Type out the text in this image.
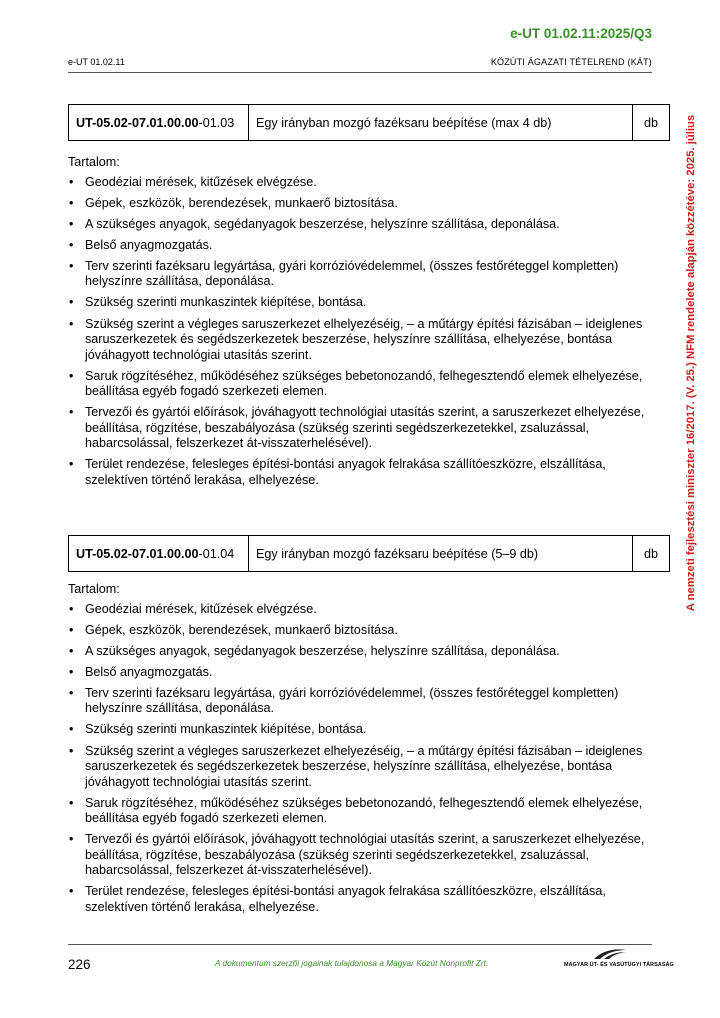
e-UT 01.02.11:2025/Q3
e-UT 01.02.11	KÖZÚTI ÁGAZATI TÉTELREND (KÁT)
A nemzeti fejlesztési miniszter 16/2017. (V. 25.) NFM rendelete alapján közzétéve: 2025. július
UT-05.02-07.01.00.00 -01.03	Egy irányban mozgó fazéksaru beépítése (max 4 db)	db

Tartalom:

• Geodéziai mérések, kitűzések elvégzése.
• Gépek, eszközök, berendezések, munkaerő biztosítása.
• A szükséges anyagok, segédanyagok beszerzése, helyszínre szállítása, deponálása.
• Belső anyagmozgatás.
• Terv szerinti fazéksaru legyártása, gyári korrózióvédelemmel, (összes festőréteggel kompletten) helyszínre szállítása, deponálása.
• Szükség szerinti munkaszintek kiépítése, bontása.
• Szükség szerint a végleges saruszerkezet elhelyezéséig, – a műtárgy építési fázisában – ideiglenes saruszerkezetek és segédszerkezetek beszerzése, helyszínre szállítása, elhelyezése, bontása jóváhagyott technológiai utasítás szerint.
• Saruk rögzítéséhez, működéséhez szükséges bebetonozandó, felhegesztendő elemek elhelyezése, beállítása egyéb fogadó szerkezeti elemen.
• Tervezői és gyártói előírások, jóváhagyott technológiai utasítás szerint, a saruszerkezet elhelyezése, beállítása, rögzítése, beszabályozása (szükség szerinti segédszerkezetekkel, zsaluzással, habarcsolással, felszerkezet át-visszaterhelésével).
• Terület rendezése, felesleges építési-bontási anyagok felrakása szállítóeszközre, elszállítása, szelektíven történő lerakása, elhelyezése.
UT-05.02-07.01.00.00 -01.04	Egy irányban mozgó fazéksaru beépítése (5–9 db)	db

Tartalom:

• Geodéziai mérések, kitűzések elvégzése.
• Gépek, eszközök, berendezések, munkaerő biztosítása.
• A szükséges anyagok, segédanyagok beszerzése, helyszínre szállítása, deponálása.
• Belső anyagmozgatás.
• Terv szerinti fazéksaru legyártása, gyári korrózióvédelemmel, (összes festőréteggel kompletten) helyszínre szállítása, deponálása.
• Szükség szerinti munkaszintek kiépítése, bontása.
• Szükség szerint a végleges saruszerkezet elhelyezéséig, – a műtárgy építési fázisában – ideiglenes saruszerkezetek és segédszerkezetek beszerzése, helyszínre szállítása, elhelyezése, bontása jóváhagyott technológiai utasítás szerint.
• Saruk rögzítéséhez, működéséhez szükséges bebetonozandó, felhegesztendő elemek elhelyezése, beállítása egyéb fogadó szerkezeti elemen.
• Tervezői és gyártói előírások, jóváhagyott technológiai utasítás szerint, a saruszerkezet elhelyezése, beállítása, rögzítése, beszabályozása (szükség szerinti segédszerkezetekkel, zsaluzással, habarcsolással, felszerkezet át-visszaterhelésével).
• Terület rendezése, felesleges építési-bontási anyagok felrakása szállítóeszközre, elszállítása, szelektíven történő lerakása, elhelyezése.
226	A dokumentum szerzői jogainak tulajdonosa a Magyar Közút Nonprofit Zrt.	MAGYAR ÚT- ÉS VASÚTÜGYI TÁRSASÁG
